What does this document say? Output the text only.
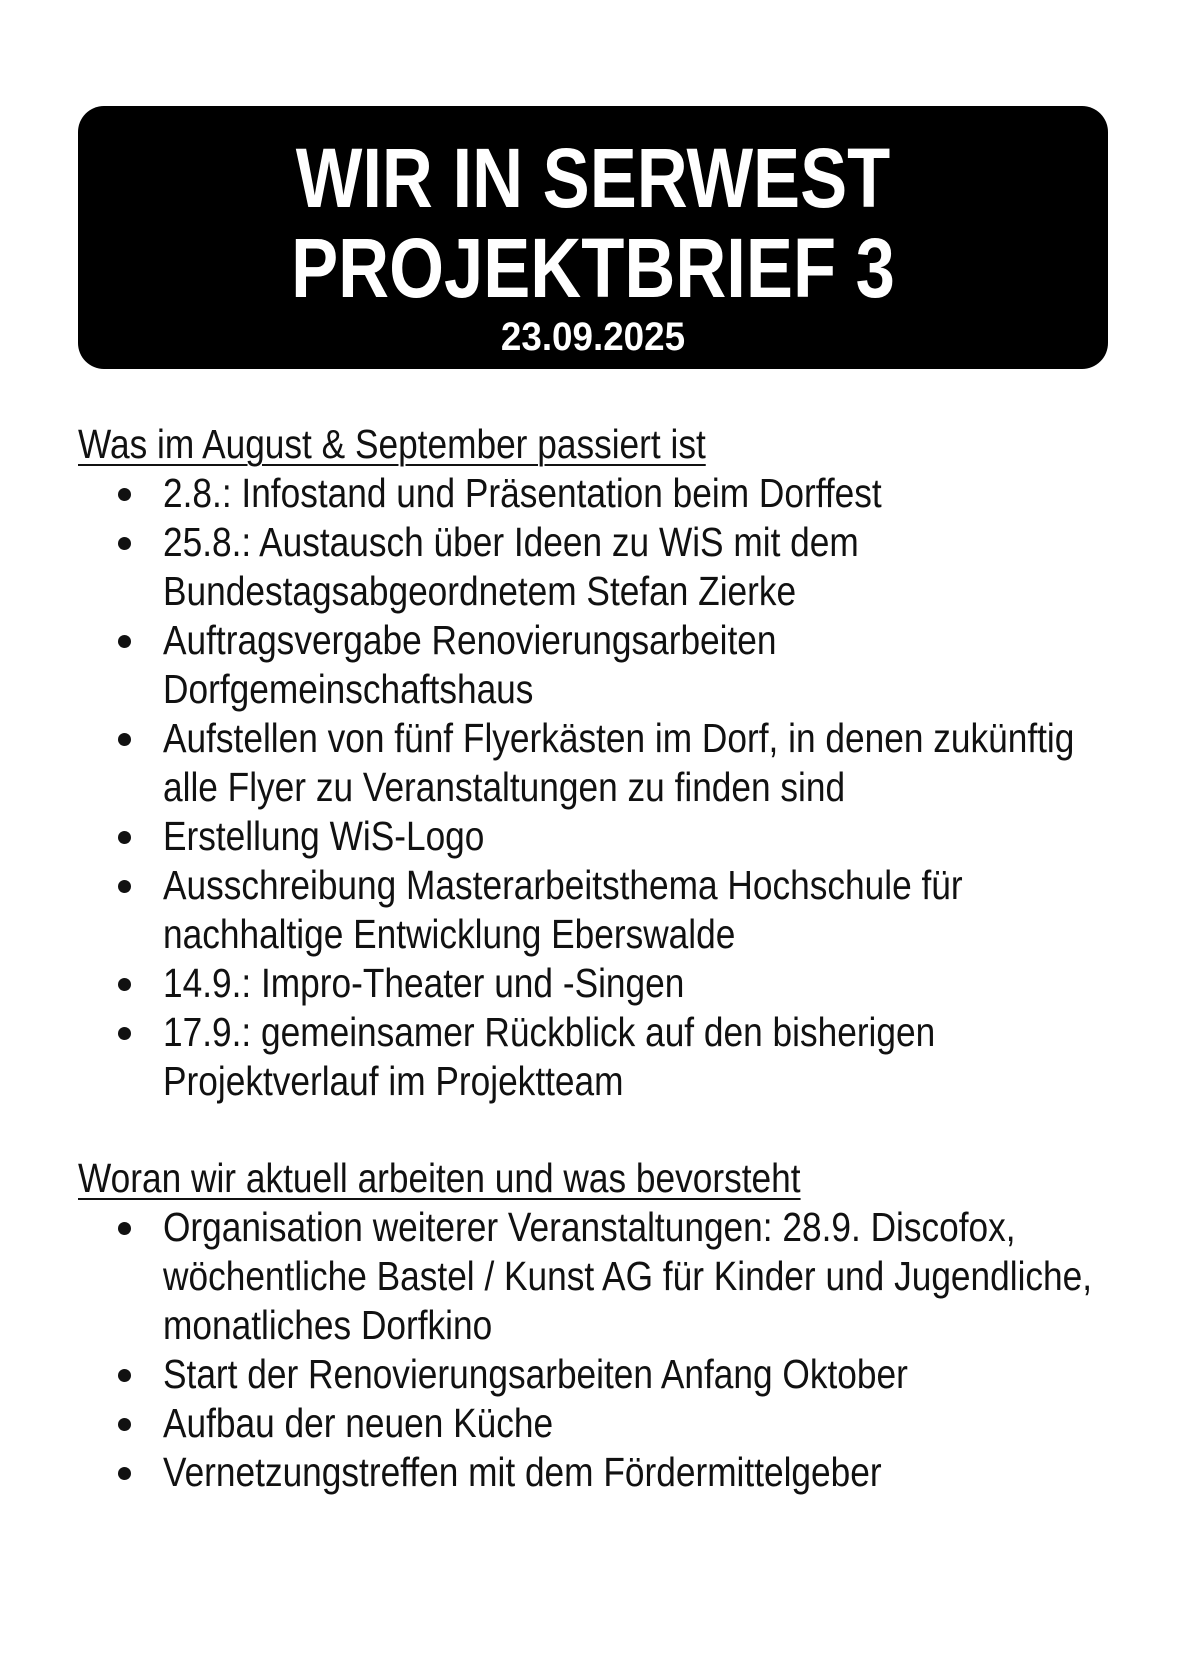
WIR IN SERWEST
PROJEKTBRIEF 3
23.09.2025
Was im August & September passiert ist
2.8.: Infostand und Präsentation beim Dorffest
25.8.: Austausch über Ideen zu WiS mit dem Bundestagsabgeordnetem Stefan Zierke
Auftragsvergabe Renovierungsarbeiten Dorfgemeinschaftshaus
Aufstellen von fünf Flyerkästen im Dorf, in denen zukünftig alle Flyer zu Veranstaltungen zu finden sind
Erstellung WiS-Logo
Ausschreibung Masterarbeitsthema Hochschule für nachhaltige Entwicklung Eberswalde
14.9.: Impro-Theater und -Singen
17.9.: gemeinsamer Rückblick auf den bisherigen Projektverlauf im Projektteam
Woran wir aktuell arbeiten und was bevorsteht
Organisation weiterer Veranstaltungen: 28.9. Discofox, wöchentliche Bastel / Kunst AG für Kinder und Jugendliche, monatliches Dorfkino
Start der Renovierungsarbeiten Anfang Oktober
Aufbau der neuen Küche
Vernetzungstreffen mit dem Fördermittelgeber
